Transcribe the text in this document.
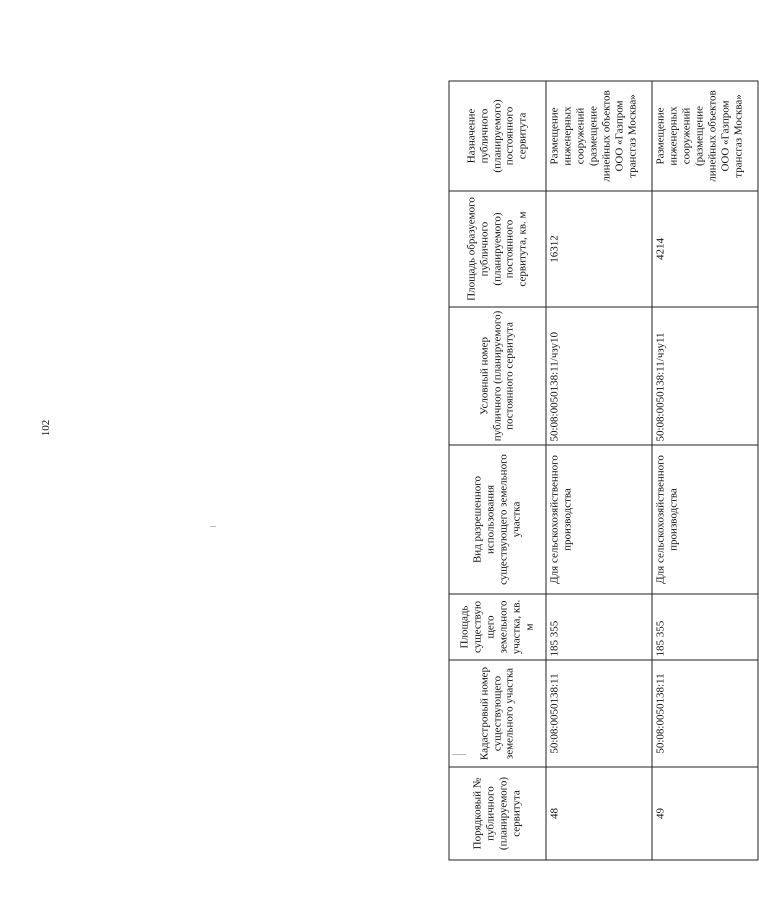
102
Порядковый № публичного (планируемого) сервитута	Кадастровый номер существующего земельного участка	Площадь существующего земельного участка, кв. м	Вид разрешенного использования существующего земельного участка	Условный номер публичного (планируемого) постоянного сервитута	Площадь образуемого публичного (планируемого) постоянного сервитута, кв. м	Назначение публичного (планируемого) постоянного сервитута
48	50:08:0050138:11	185 355	Для сельскохозяйственного производства	50:08:0050138:11/чзу10	16312	Размещение инженерных сооружений (размещение линейных объектов ООО «Газпром трансгаз Москва»
49	50:08:0050138:11	185 355	Для сельскохозяйственного производства	50:08:0050138:11/чзу11	4214	Размещение инженерных сооружений (размещение линейных объектов ООО «Газпром трансгаз Москва»
